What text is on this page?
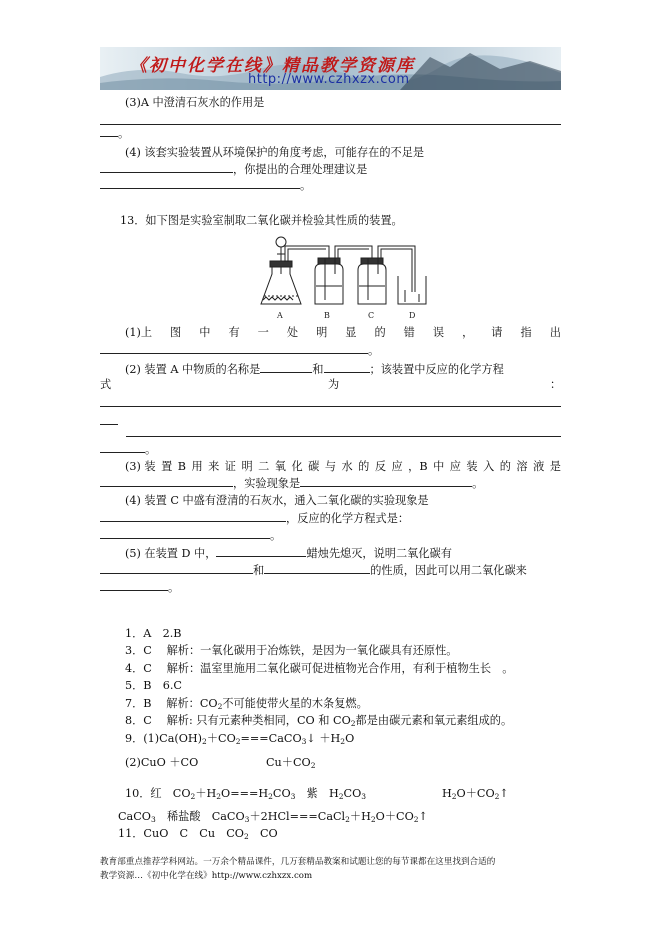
《初中化学在线》精品教学资源库
http://www.czhxzx.com
(3)A 中澄清石灰水的作用是
。
(4) 该套实验装置从环境保护的角度考虑，可能存在的不足是
，你提出的合理处理建议是
。
13．如下图是实验室制取二氧化碳并检验其性质的装置。
A	B	C	D
(1)上 图 中 有 一 处 明 显 的 错 误 ， 请 指 出
。
(2) 装置 A 中物质的名称是	和	；该装置中反应的化学方程
式	为	：
。
(3) 装 置 B 用 来 证 明 二 氧 化 碳 与 水 的 反 应 ，B 中 应 装 入 的 溶 液 是
，实验现象是	。
(4) 装置 C 中盛有澄清的石灰水，通入二氧化碳的实验现象是
，反应的化学方程式是：
。
(5) 在装置 D 中，	蜡烛先熄灭，说明二氧化碳有
和	的性质，因此可以用二氧化碳来
。
1．A　2.B
3．C　 解析：一氧化碳用于冶炼铁，是因为一氧化碳具有还原性。
4．C　 解析：温室里施用二氧化碳可促进植物光合作用，有利于植物生长　。
5．B　6.C
7．B　 解析：$CO_2$不可能使带火星的木条复燃。
8．C　 解析: 只有元素种类相同，CO 和 $CO_2$都是由碳元素和氧元素组成的。
9．$(1)Ca(OH)_2+CO_2===CaCO_3↓ +H_2O$
(2)CuO ＋CO	$Cu+CO_2$
10．红　$CO_2+H_2O===H_2CO_3$　紫　$H_2CO_3$	$H_2O+CO_2↑$
CaCO$_3$　稀盐酸　$CaCO_3+2HCl===CaCl_2+H_2O+CO_2↑$
11．CuO　C　Cu　$CO_2$　CO
教育部重点推荐学科网站。一万余个精品课件，几万套精品教案和试题让您的每节课都在这里找到合适的
教学资源…《初中化学在线》http://www.czhxzx.com
